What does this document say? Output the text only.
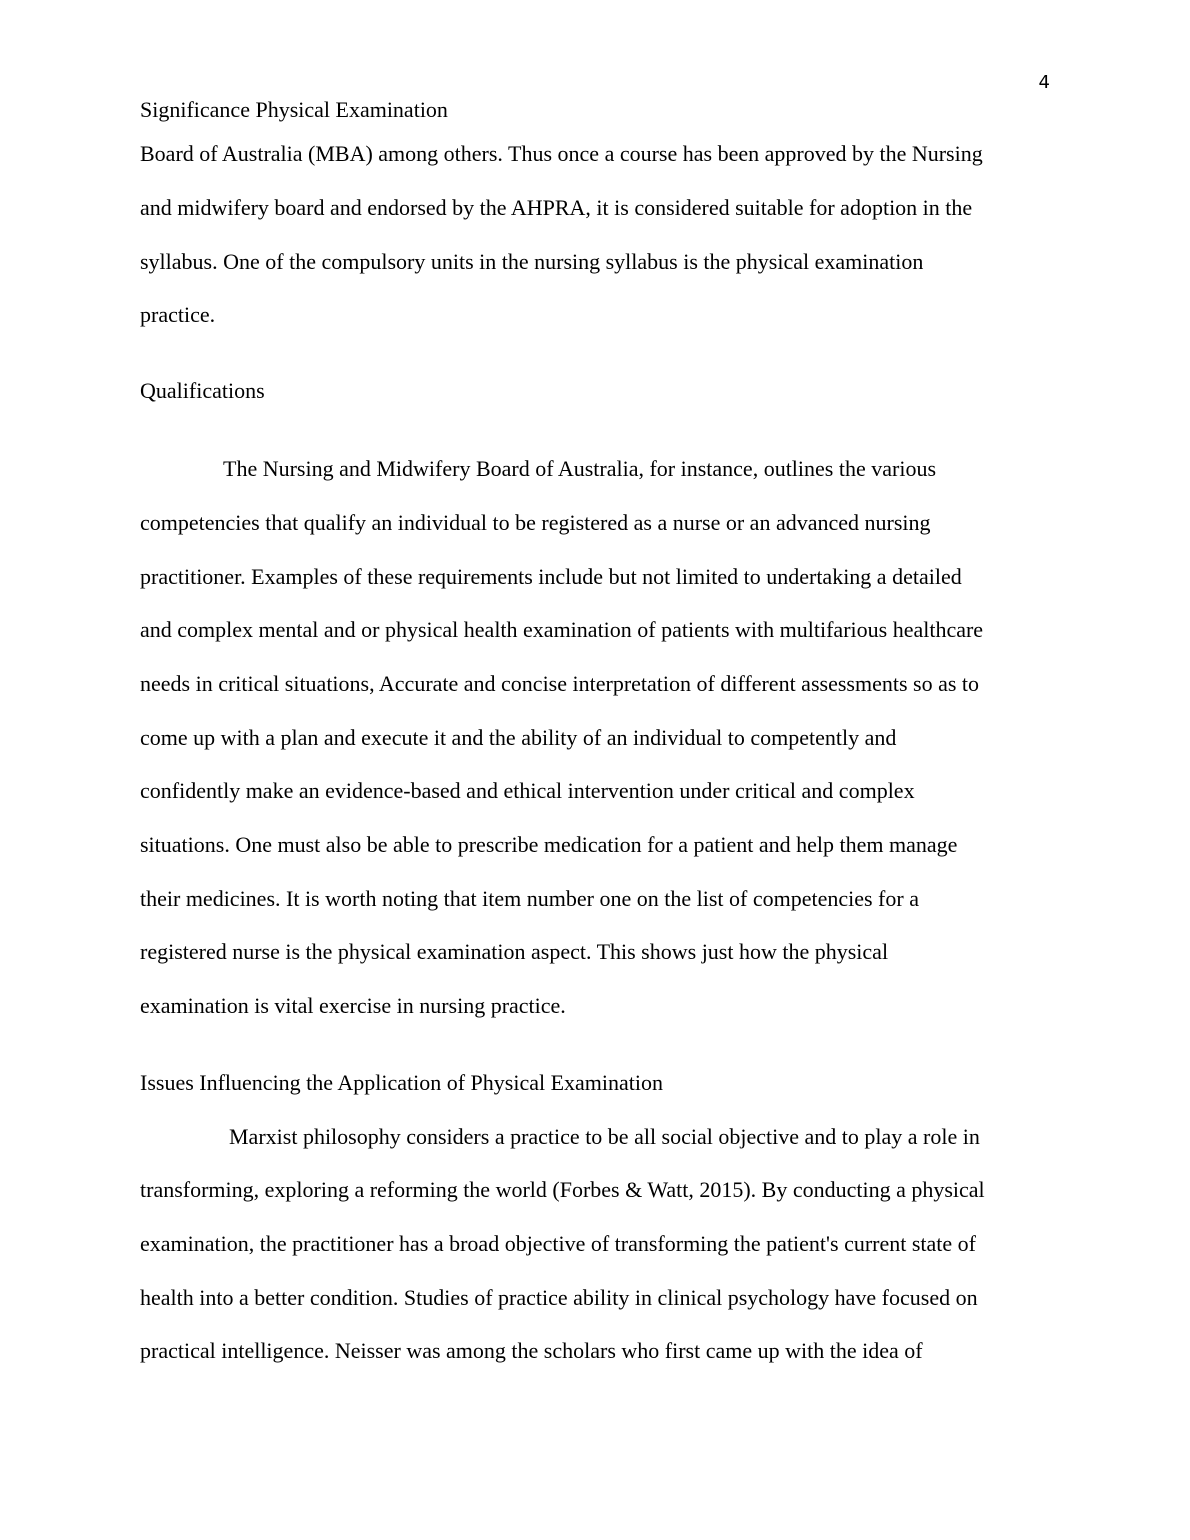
4
Significance Physical Examination
Board of Australia (MBA) among others. Thus once a course has been approved by the Nursing
and midwifery board and endorsed by the AHPRA, it is considered suitable for adoption in the
syllabus. One of the compulsory units in the nursing syllabus is the physical examination
practice.
Qualifications
The Nursing and Midwifery Board of Australia, for instance, outlines the various
competencies that qualify an individual to be registered as a nurse or an advanced nursing
practitioner. Examples of these requirements include but not limited to undertaking a detailed
and complex mental and or physical health examination of patients with multifarious healthcare
needs in critical situations, Accurate and concise interpretation of different assessments so as to
come up with a plan and execute it and the ability of an individual to competently and
confidently make an evidence-based and ethical intervention under critical and complex
situations. One must also be able to prescribe medication for a patient and help them manage
their medicines. It is worth noting that item number one on the list of competencies for a
registered nurse is the physical examination aspect. This shows just how the physical
examination is vital exercise in nursing practice.
Issues Influencing the Application of Physical Examination
Marxist philosophy considers a practice to be all social objective and to play a role in
transforming, exploring a reforming the world (Forbes & Watt, 2015). By conducting a physical
examination, the practitioner has a broad objective of transforming the patient's current state of
health into a better condition. Studies of practice ability in clinical psychology have focused on
practical intelligence. Neisser was among the scholars who first came up with the idea of
